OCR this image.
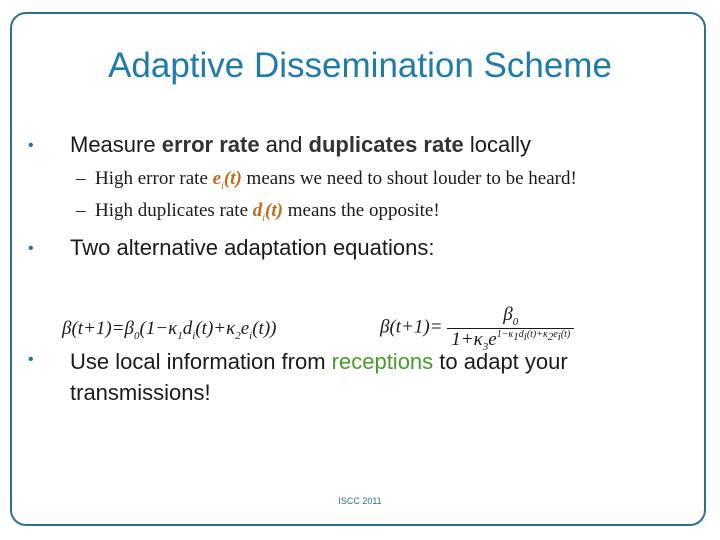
Adaptive Dissemination Scheme
• Measure error rate and duplicates rate locally
–  High error rate $e_i(t)$ means we need to shout louder to be heard!
–  High duplicates rate $d_i(t)$ means the opposite!
• Two alternative adaptation equations:
$\beta(t+1)=\beta_0(1-\kappa_1d_i(t)+\kappa_2e_i(t))$	$\beta(t+1)= \frac{\beta_0}{1+\kappa_3e^{1-\kappa_1d_i(t)+\kappa_2e_i(t)}}$
• Use local information from receptions to adapt your
transmissions!
ISCC 2011
